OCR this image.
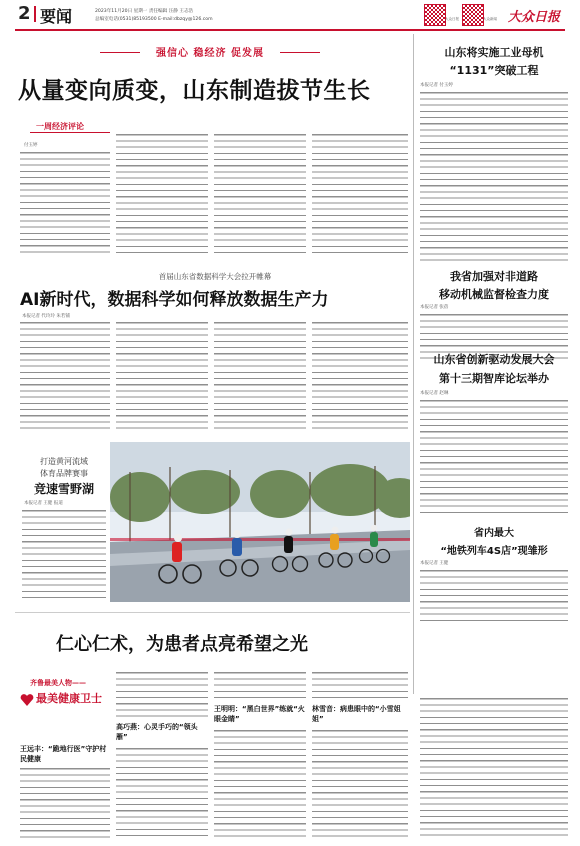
2 要闻	2023年11月20日 星期一 责任编辑 汪静 王志浩
总编室电话(0531)85193500 E-mail:dbzqy@126.com	大众日报	大众新闻 大众日报
强信心 稳经济 促发展
从量变向质变，山东制造拔节生长
一周经济评论
付玉婷
山东将实施工业母机
“1131”突破工程
本报记者 付玉婷
我省加强对非道路
移动机械监督检查力度
本报记者 张蓓
山东省创新驱动发展大会
第十三期智库论坛举办
本报记者 赵琳
省内最大
“地铁列车4S店”现雏形
本报记者 王健
首届山东省数据科学大会拉开帷幕
AI新时代，数据科学如何释放数据生产力
本报记者 代玲玲 朱若铺
打造黄河流域
体育品牌赛事
竞速雪野湖
本报记者 王健 报道
仁心仁术，为患者点亮希望之光
齐鲁最美人物——
最美健康卫士
王远丰：“跪地行医”守护村民健康
高巧燕：心灵手巧的“领头雁”
王明明：“黑白世界”练就“火眼金睛”
林雪音：病患眼中的“小雪姐姐”
